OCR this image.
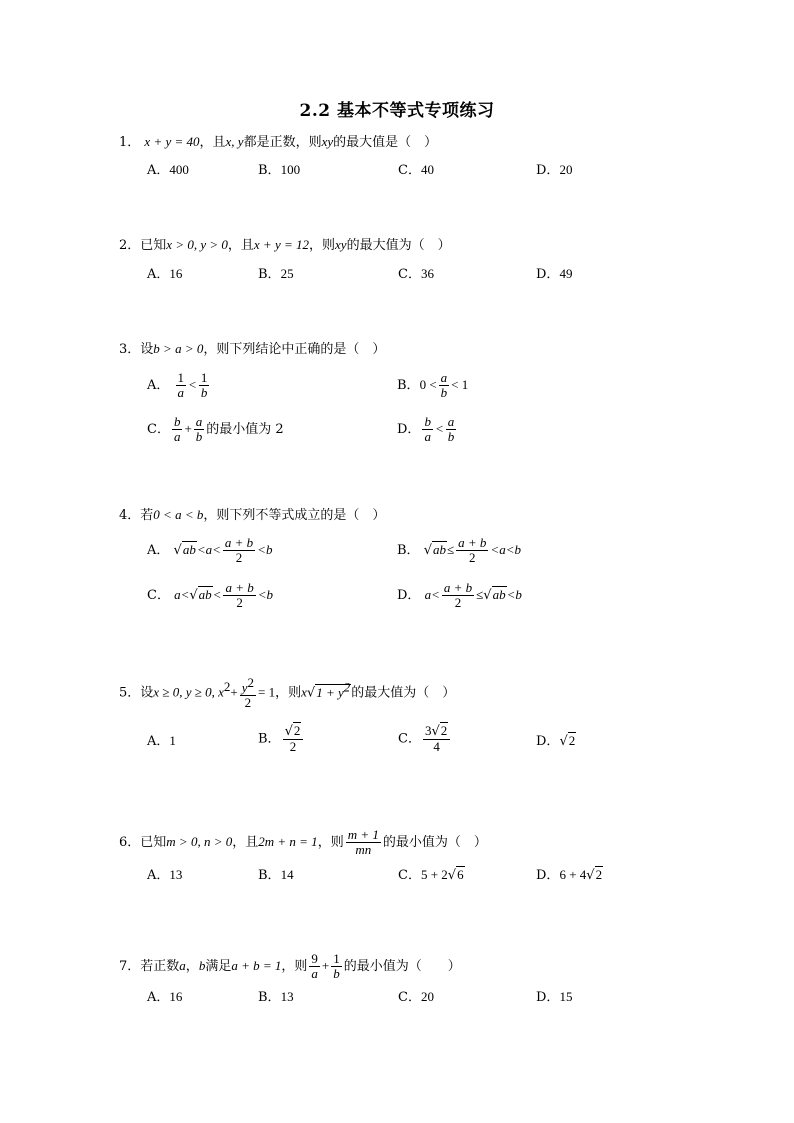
2.2 基本不等式专项练习
1． x + y = 40，且x, y都是正数，则xy的最大值是（　）
A．400	B．100	C．40	D．20
2．已知x > 0, y > 0，且x + y = 12，则xy的最大值为（　）
A．16	B．25	C．36	D．49
3．设b > a > 0，则下列结论中正确的是（　）
A． $\frac{1}{a} < \frac{1}{b}$	B．$0 < \frac{a}{b} < 1$
C． $\frac{b}{a} + \frac{a}{b}$ 的最小值为 2	D． $\frac{b}{a} < \frac{a}{b}$
4．若0 < a < b，则下列不等式成立的是（　）
A． $√ab<a< \frac{a + b}{2} <b$	B． $√ab\le \frac{a + b}{2} <a<b$
C． $a<√ab< \frac{a + b}{2} <b$	D． $a< \frac{a + b}{2} \le√ab<b$
5．设x ≥ 0, y ≥ 0, $x^2+ \frac{y^2}{2} = 1$，则$x√1 + y^2$的最大值为（　）
A．1	B． $\frac{√2}{2}$	C． $\frac{3√2}{4}$	D．√2
6．已知m > 0, n > 0，且2m + n = 1，则 $\frac{m + 1}{mn}$ 的最小值为（　）
A．13	B．14	C．5 + 2√6	D．6 + 4√2
7．若正数a，b满足a + b = 1，则 $\frac{9}{a} + \frac{1}{b}$ 的最小值为（　　）
A．16	B．13	C．20	D．15
